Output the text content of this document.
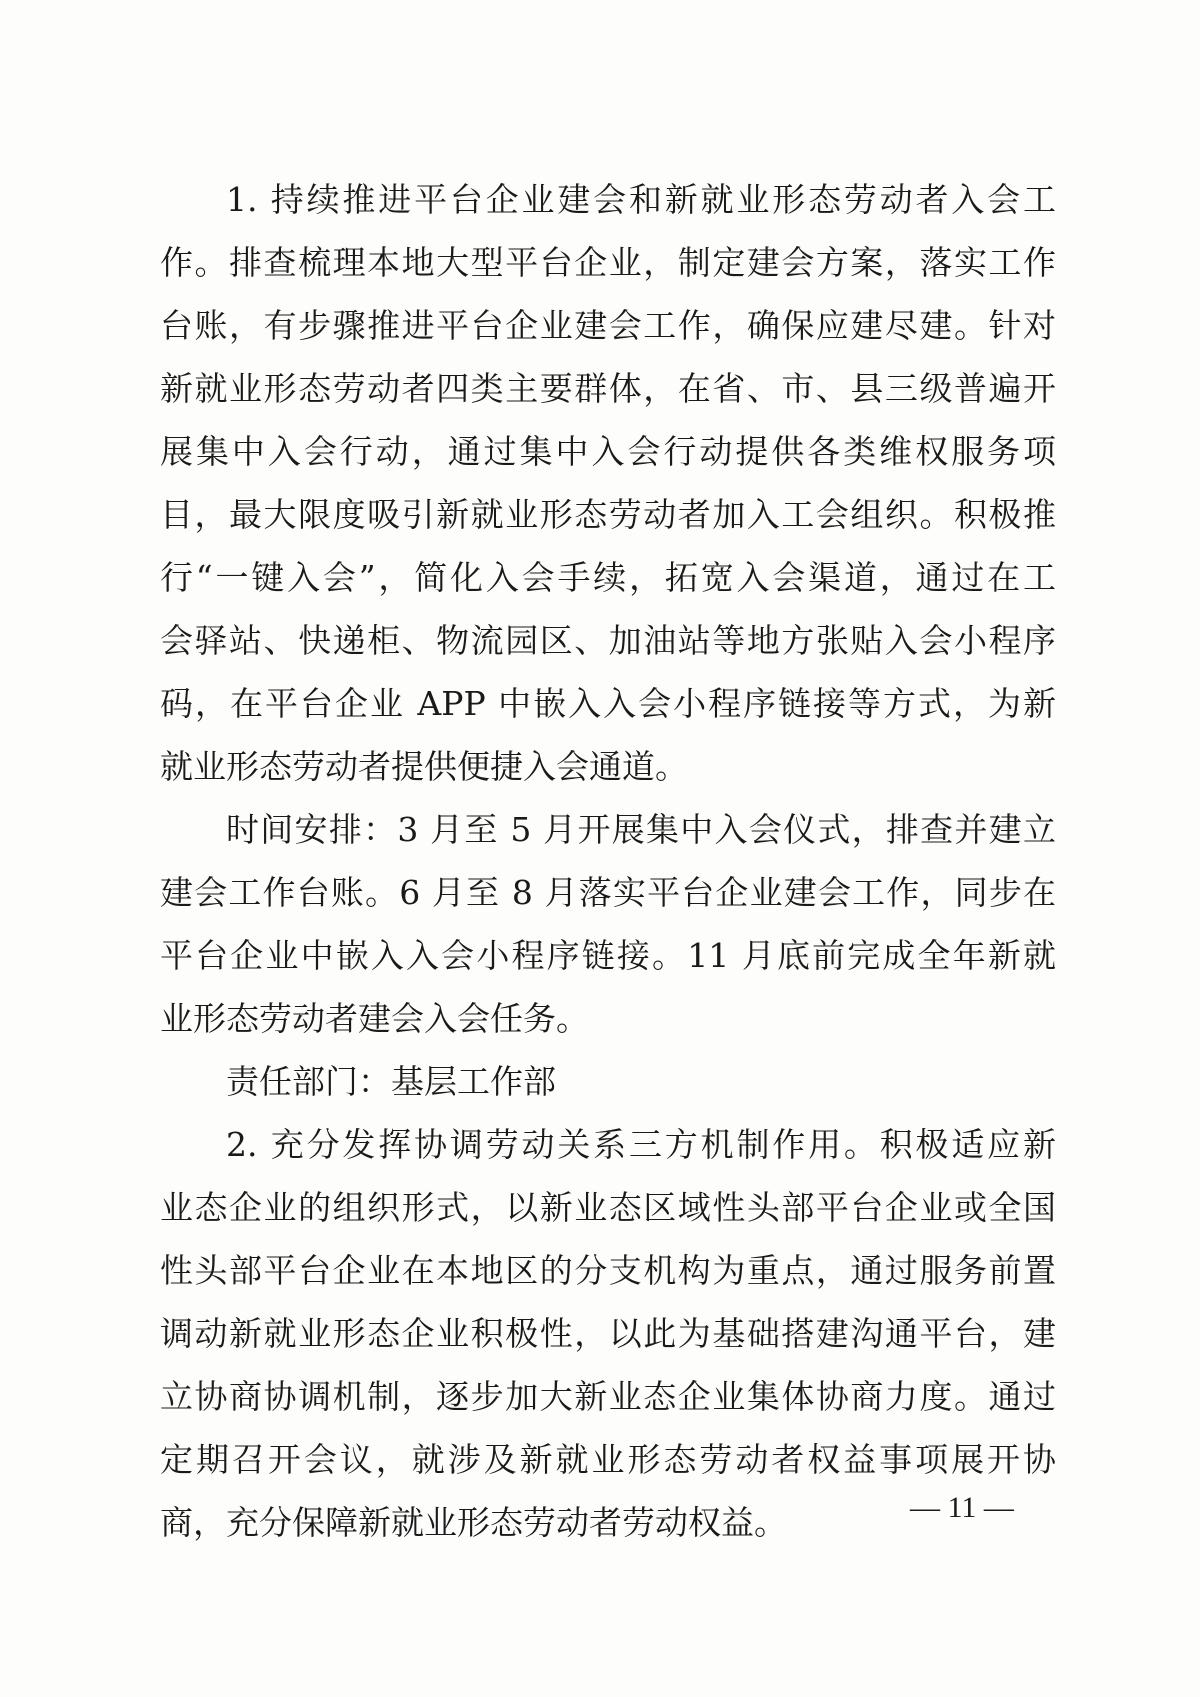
1. 持续推进平台企业建会和新就业形态劳动者入会工
作。排查梳理本地大型平台企业，制定建会方案，落实工作
台账，有步骤推进平台企业建会工作，确保应建尽建。针对
新就业形态劳动者四类主要群体，在省、市、县三级普遍开
展集中入会行动，通过集中入会行动提供各类维权服务项
目，最大限度吸引新就业形态劳动者加入工会组织。积极推
行“一键入会”，简化入会手续，拓宽入会渠道，通过在工
会驿站、快递柜、物流园区、加油站等地方张贴入会小程序
码，在平台企业 APP 中嵌入入会小程序链接等方式，为新
就业形态劳动者提供便捷入会通道。
时间安排：3 月至 5 月开展集中入会仪式，排查并建立
建会工作台账。6 月至 8 月落实平台企业建会工作，同步在
平台企业中嵌入入会小程序链接。11 月底前完成全年新就
业形态劳动者建会入会任务。
责任部门：基层工作部
2. 充分发挥协调劳动关系三方机制作用。积极适应新
业态企业的组织形式，以新业态区域性头部平台企业或全国
性头部平台企业在本地区的分支机构为重点，通过服务前置
调动新就业形态企业积极性，以此为基础搭建沟通平台，建
立协商协调机制，逐步加大新业态企业集体协商力度。通过
定期召开会议，就涉及新就业形态劳动者权益事项展开协
商，充分保障新就业形态劳动者劳动权益。	— 11 —
